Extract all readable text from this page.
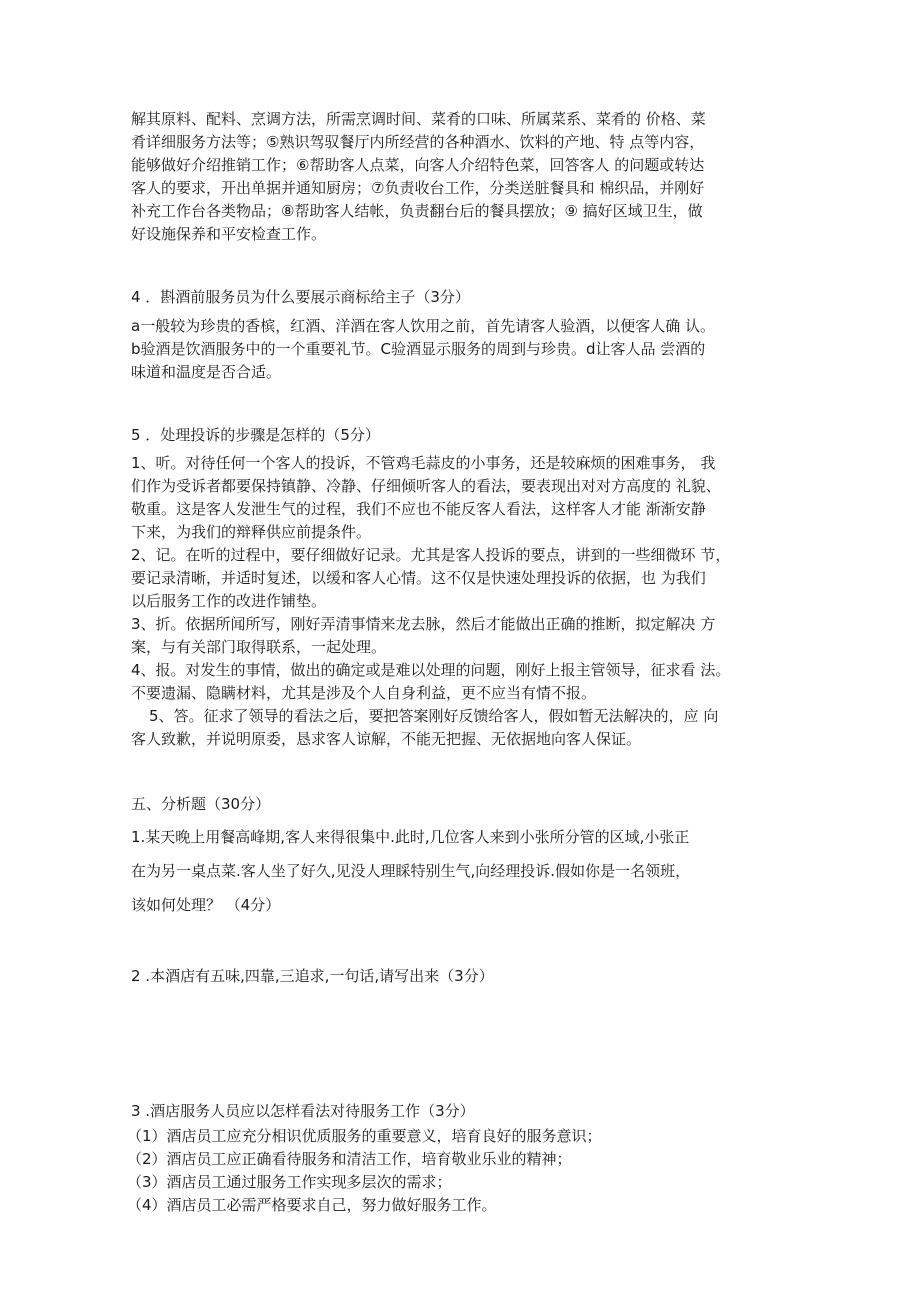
解其原料、配料、烹调方法，所需烹调时间、菜肴的口味、所属菜系、菜肴的 价格、菜

肴详细服务方法等；⑤熟识驾驭餐厅内所经营的各种酒水、饮料的产地、特 点等内容，

能够做好介绍推销工作；⑥帮助客人点菜，向客人介绍特色菜，回答客人 的问题或转达

客人的要求，开出单据并通知厨房；⑦负责收台工作，分类送脏餐具和 棉织品，并刚好

补充工作台各类物品；⑧帮助客人结帐，负责翻台后的餐具摆放；⑨ 搞好区域卫生，做

好设施保养和平安检查工作。

4 ．斟酒前服务员为什么要展示商标给主子（3分）

a一般较为珍贵的香槟，红酒、洋酒在客人饮用之前，首先请客人验酒，以便客人确 认。

b验酒是饮酒服务中的一个重要礼节。C验酒显示服务的周到与珍贵。d让客人品 尝酒的

味道和温度是否合适。

5 ．处理投诉的步骤是怎样的（5分）

1、听。对待任何一个客人的投诉，不管鸡毛蒜皮的小事务，还是较麻烦的困难事务， 我

们作为受诉者都要保持镇静、冷静、仔细倾听客人的看法，要表现出对对方高度的 礼貌、

敬重。这是客人发泄生气的过程，我们不应也不能反客人看法，这样客人才能 渐渐安静

下来，为我们的辩释供应前提条件。

2、记。在听的过程中，要仔细做好记录。尤其是客人投诉的要点，讲到的一些细微环 节，

要记录清晰，并适时复述，以缓和客人心情。这不仅是快速处理投诉的依据，也 为我们

以后服务工作的改进作铺垫。

3、折。依据所闻所写，刚好弄清事情来龙去脉，然后才能做出正确的推断，拟定解决 方

案，与有关部门取得联系，一起处理。

4、报。对发生的事情，做出的确定或是难以处理的问题，刚好上报主管领导，征求看 法。

不要遗漏、隐瞒材料，尤其是涉及个人自身利益，更不应当有情不报。

5、答。征求了领导的看法之后，要把答案刚好反馈给客人，假如暂无法解决的，应 向

客人致歉，并说明原委，恳求客人谅解，不能无把握、无依据地向客人保证。

五、分析题（30分）
1.某天晚上用餐高峰期,客人来得很集中.此时,几位客人来到小张所分管的区域,小张正
在为另一桌点菜.客人坐了好久,见没人理睬特别生气,向经理投诉.假如你是一名领班，
该如何处理？ （4分）
2 .本酒店有五味,四靠,三追求,一句话,请写出来（3分）
3 .酒店服务人员应以怎样看法对待服务工作（3分）

（1）酒店员工应充分相识优质服务的重要意义，培育良好的服务意识；

（2）酒店员工应正确看待服务和清洁工作，培育敬业乐业的精神；

（3）酒店员工通过服务工作实现多层次的需求；

（4）酒店员工必需严格要求自己，努力做好服务工作。
